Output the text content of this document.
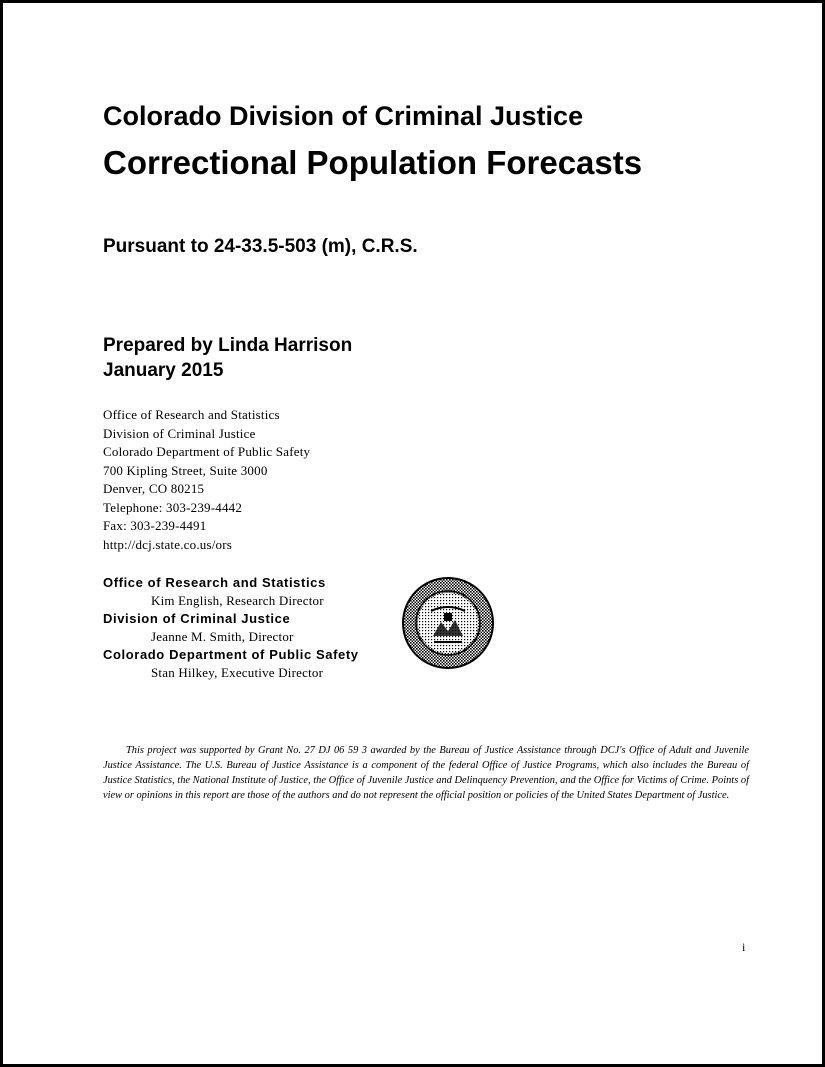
Colorado Division of Criminal Justice
Correctional Population Forecasts
Pursuant to 24-33.5-503 (m), C.R.S.
Prepared by Linda Harrison
January 2015
Office of Research and Statistics
Division of Criminal Justice
Colorado Department of Public Safety
700 Kipling Street, Suite 3000
Denver, CO 80215
Telephone: 303-239-4442
Fax: 303-239-4491
http://dcj.state.co.us/ors
Office of Research and Statistics
Kim English, Research Director
Division of Criminal Justice
Jeanne M. Smith, Director
Colorado Department of Public Safety
Stan Hilkey, Executive Director

This project was supported by Grant No. 27 DJ 06 59 3 awarded by the Bureau of Justice Assistance through DCJ's Office of Adult and Juvenile Justice Assistance. The U.S. Bureau of Justice Assistance is a component of the federal Office of Justice Programs, which also includes the Bureau of Justice Statistics, the National Institute of Justice, the Office of Juvenile Justice and Delinquency Prevention, and the Office for Victims of Crime. Points of view or opinions in this report are those of the authors and do not represent the official position or policies of the United States Department of Justice.

i
